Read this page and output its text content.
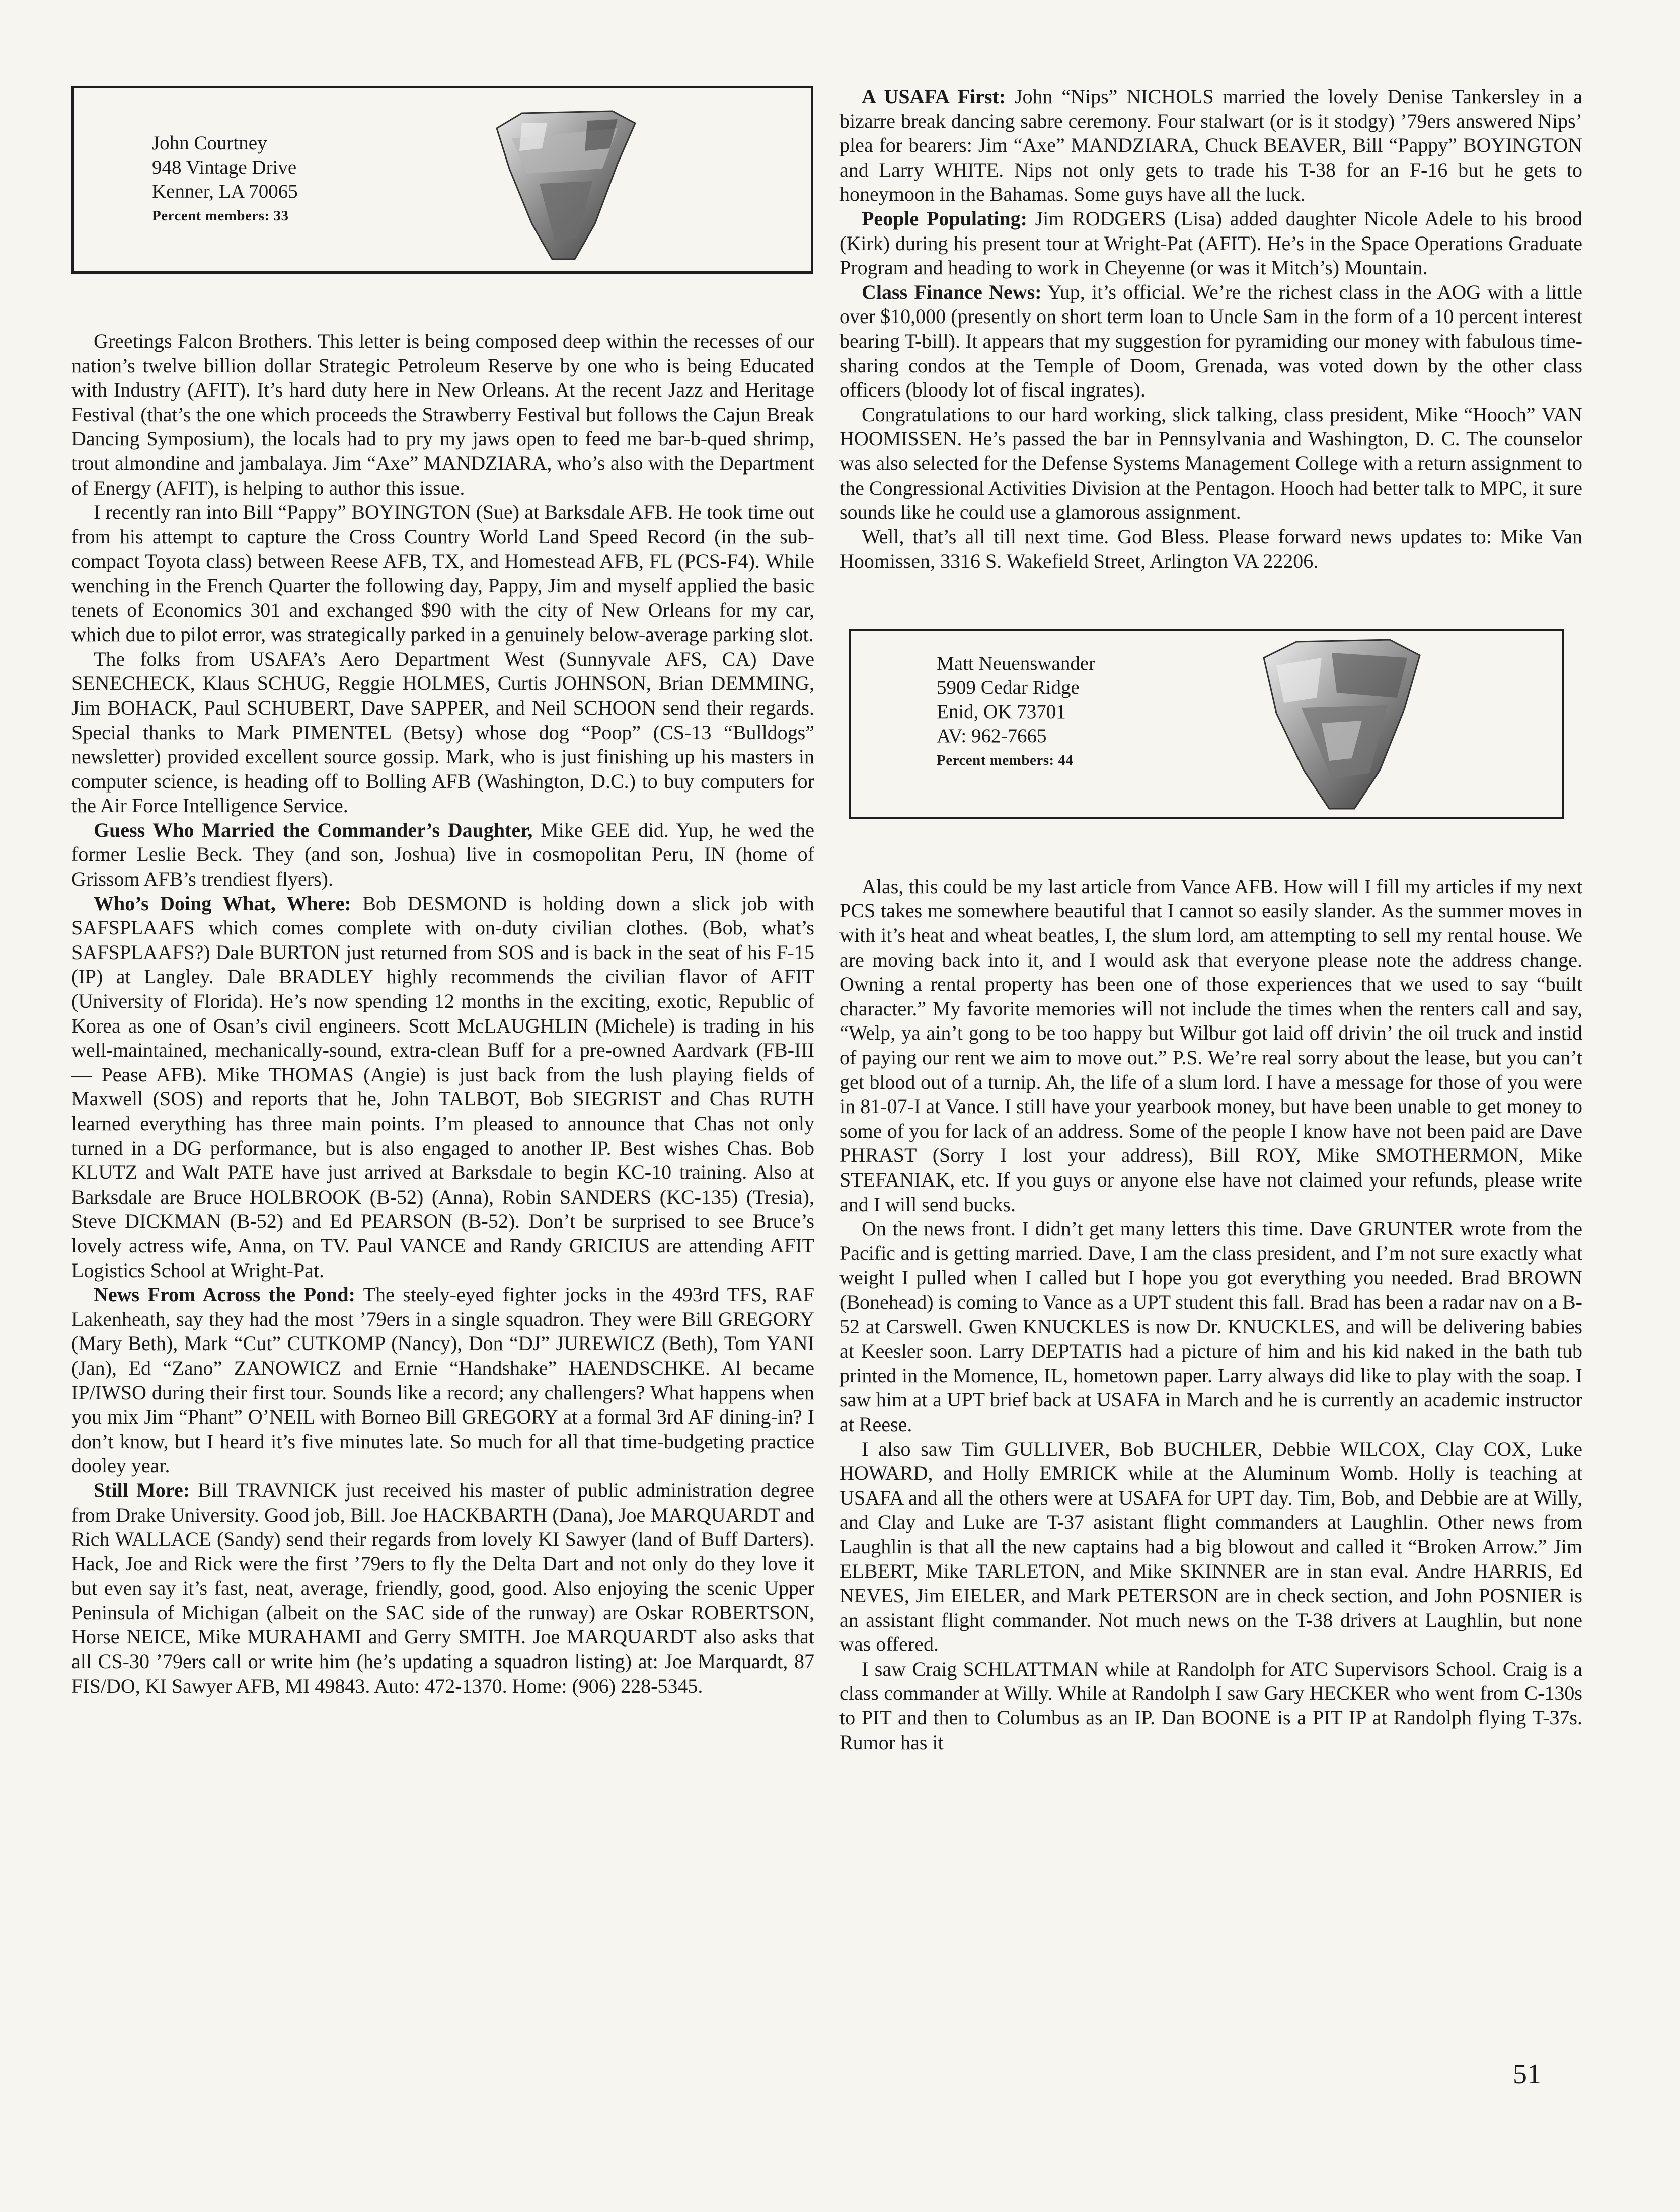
John Courtney
948 Vintage Drive
Kenner, LA 70065
Percent members: 33

Greetings Falcon Brothers. This letter is being composed deep within the recesses of our nation’s twelve billion dollar Strategic Petroleum Reserve by one who is being Educated with Industry (AFIT). It’s hard duty here in New Orleans. At the recent Jazz and Heritage Festival (that’s the one which proceeds the Strawberry Festival but follows the Cajun Break Dancing Symposium), the locals had to pry my jaws open to feed me bar-b-qued shrimp, trout almondine and jambalaya. Jim “Axe” MANDZIARA, who’s also with the Department of Energy (AFIT), is helping to author this issue.

I recently ran into Bill “Pappy” BOYINGTON (Sue) at Barksdale AFB. He took time out from his attempt to capture the Cross Country World Land Speed Record (in the sub-compact Toyota class) between Reese AFB, TX, and Homestead AFB, FL (PCS-F4). While wenching in the French Quarter the following day, Pappy, Jim and myself applied the basic tenets of Economics 301 and exchanged $90 with the city of New Orleans for my car, which due to pilot error, was strategically parked in a genuinely below-average parking slot.

The folks from USAFA’s Aero Department West (Sunnyvale AFS, CA) Dave SENECHECK, Klaus SCHUG, Reggie HOLMES, Curtis JOHNSON, Brian DEMMING, Jim BOHACK, Paul SCHUBERT, Dave SAPPER, and Neil SCHOON send their regards. Special thanks to Mark PIMENTEL (Betsy) whose dog “Poop” (CS-13 “Bulldogs” newsletter) provided excellent source gossip. Mark, who is just finishing up his masters in computer science, is heading off to Bolling AFB (Washington, D.C.) to buy computers for the Air Force Intelligence Service.

Guess Who Married the Commander’s Daughter, Mike GEE did. Yup, he wed the former Leslie Beck. They (and son, Joshua) live in cosmopolitan Peru, IN (home of Grissom AFB’s trendiest flyers).

Who’s Doing What, Where: Bob DESMOND is holding down a slick job with SAFSPLAAFS which comes complete with on-duty civilian clothes. (Bob, what’s SAFSPLAAFS?) Dale BURTON just returned from SOS and is back in the seat of his F-15 (IP) at Langley. Dale BRADLEY highly recommends the civilian flavor of AFIT (University of Florida). He’s now spending 12 months in the exciting, exotic, Republic of Korea as one of Osan’s civil engineers. Scott McLAUGHLIN (Michele) is trading in his well-maintained, mechanically-sound, extra-clean Buff for a pre-owned Aardvark (FB-III — Pease AFB). Mike THOMAS (Angie) is just back from the lush playing fields of Maxwell (SOS) and reports that he, John TALBOT, Bob SIEGRIST and Chas RUTH learned everything has three main points. I’m pleased to announce that Chas not only turned in a DG performance, but is also engaged to another IP. Best wishes Chas. Bob KLUTZ and Walt PATE have just arrived at Barksdale to begin KC-10 training. Also at Barksdale are Bruce HOLBROOK (B-52) (Anna), Robin SANDERS (KC-135) (Tresia), Steve DICKMAN (B-52) and Ed PEARSON (B-52). Don’t be surprised to see Bruce’s lovely actress wife, Anna, on TV. Paul VANCE and Randy GRICIUS are attending AFIT Logistics School at Wright-Pat.

News From Across the Pond: The steely-eyed fighter jocks in the 493rd TFS, RAF Lakenheath, say they had the most ’79ers in a single squadron. They were Bill GREGORY (Mary Beth), Mark “Cut” CUTKOMP (Nancy), Don “DJ” JUREWICZ (Beth), Tom YANI (Jan), Ed “Zano” ZANOWICZ and Ernie “Handshake” HAENDSCHKE. Al became IP/IWSO during their first tour. Sounds like a record; any challengers? What happens when you mix Jim “Phant” O’NEIL with Borneo Bill GREGORY at a formal 3rd AF dining-in? I don’t know, but I heard it’s five minutes late. So much for all that time-budgeting practice dooley year.

Still More: Bill TRAVNICK just received his master of public administration degree from Drake University. Good job, Bill. Joe HACKBARTH (Dana), Joe MARQUARDT and Rich WALLACE (Sandy) send their regards from lovely KI Sawyer (land of Buff Darters). Hack, Joe and Rick were the first ’79ers to fly the Delta Dart and not only do they love it but even say it’s fast, neat, average, friendly, good, good. Also enjoying the scenic Upper Peninsula of Michigan (albeit on the SAC side of the runway) are Oskar ROBERTSON, Horse NEICE, Mike MURAHAMI and Gerry SMITH. Joe MARQUARDT also asks that all CS-30 ’79ers call or write him (he’s updating a squadron listing) at: Joe Marquardt, 87 FIS/DO, KI Sawyer AFB, MI 49843. Auto: 472-1370. Home: (906) 228-5345.

A USAFA First: John “Nips” NICHOLS married the lovely Denise Tankersley in a bizarre break dancing sabre ceremony. Four stalwart (or is it stodgy) ’79ers answered Nips’ plea for bearers: Jim “Axe” MANDZIARA, Chuck BEAVER, Bill “Pappy” BOYINGTON and Larry WHITE. Nips not only gets to trade his T-38 for an F-16 but he gets to honeymoon in the Bahamas. Some guys have all the luck.

People Populating: Jim RODGERS (Lisa) added daughter Nicole Adele to his brood (Kirk) during his present tour at Wright-Pat (AFIT). He’s in the Space Operations Graduate Program and heading to work in Cheyenne (or was it Mitch’s) Mountain.

Class Finance News: Yup, it’s official. We’re the richest class in the AOG with a little over $10,000 (presently on short term loan to Uncle Sam in the form of a 10 percent interest bearing T-bill). It appears that my suggestion for pyramiding our money with fabulous time-sharing condos at the Temple of Doom, Grenada, was voted down by the other class officers (bloody lot of fiscal ingrates).

Congratulations to our hard working, slick talking, class president, Mike “Hooch” VAN HOOMISSEN. He’s passed the bar in Pennsylvania and Washington, D. C. The counselor was also selected for the Defense Systems Management College with a return assignment to the Congressional Activities Division at the Pentagon. Hooch had better talk to MPC, it sure sounds like he could use a glamorous assignment.

Well, that’s all till next time. God Bless. Please forward news updates to: Mike Van Hoomissen, 3316 S. Wakefield Street, Arlington VA 22206.

Matt Neuenswander
5909 Cedar Ridge
Enid, OK 73701
AV: 962-7665
Percent members: 44

Alas, this could be my last article from Vance AFB. How will I fill my articles if my next PCS takes me somewhere beautiful that I cannot so easily slander. As the summer moves in with it’s heat and wheat beatles, I, the slum lord, am attempting to sell my rental house. We are moving back into it, and I would ask that everyone please note the address change. Owning a rental property has been one of those experiences that we used to say “built character.” My favorite memories will not include the times when the renters call and say, “Welp, ya ain’t gong to be too happy but Wilbur got laid off drivin’ the oil truck and instid of paying our rent we aim to move out.” P.S. We’re real sorry about the lease, but you can’t get blood out of a turnip. Ah, the life of a slum lord. I have a message for those of you were in 81-07-I at Vance. I still have your yearbook money, but have been unable to get money to some of you for lack of an address. Some of the people I know have not been paid are Dave PHRAST (Sorry I lost your address), Bill ROY, Mike SMOTHERMON, Mike STEFANIAK, etc. If you guys or anyone else have not claimed your refunds, please write and I will send bucks.

On the news front. I didn’t get many letters this time. Dave GRUNTER wrote from the Pacific and is getting married. Dave, I am the class president, and I’m not sure exactly what weight I pulled when I called but I hope you got everything you needed. Brad BROWN (Bonehead) is coming to Vance as a UPT student this fall. Brad has been a radar nav on a B-52 at Carswell. Gwen KNUCKLES is now Dr. KNUCKLES, and will be delivering babies at Keesler soon. Larry DEPTATIS had a picture of him and his kid naked in the bath tub printed in the Momence, IL, hometown paper. Larry always did like to play with the soap. I saw him at a UPT brief back at USAFA in March and he is currently an academic instructor at Reese.

I also saw Tim GULLIVER, Bob BUCHLER, Debbie WILCOX, Clay COX, Luke HOWARD, and Holly EMRICK while at the Aluminum Womb. Holly is teaching at USAFA and all the others were at USAFA for UPT day. Tim, Bob, and Debbie are at Willy, and Clay and Luke are T-37 asistant flight commanders at Laughlin. Other news from Laughlin is that all the new captains had a big blowout and called it “Broken Arrow.” Jim ELBERT, Mike TARLETON, and Mike SKINNER are in stan eval. Andre HARRIS, Ed NEVES, Jim EIELER, and Mark PETERSON are in check section, and John POSNIER is an assistant flight commander. Not much news on the T-38 drivers at Laughlin, but none was offered.

I saw Craig SCHLATTMAN while at Randolph for ATC Supervisors School. Craig is a class commander at Willy. While at Randolph I saw Gary HECKER who went from C-130s to PIT and then to Columbus as an IP. Dan BOONE is a PIT IP at Randolph flying T-37s. Rumor has it

51
